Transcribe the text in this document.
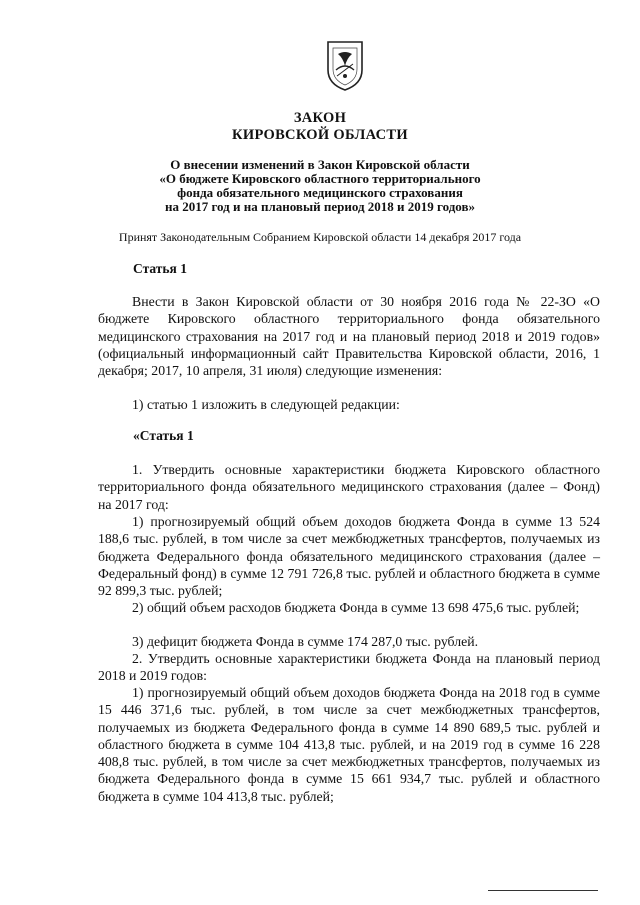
ЗАКОН
КИРОВСКОЙ ОБЛАСТИ
О внесении изменений в Закон Кировской области
«О бюджете Кировского областного территориального
фонда обязательного медицинского страхования
на 2017 год и на плановый период 2018 и 2019 годов»
Принят Законодательным Собранием Кировской области 14 декабря 2017 года
Статья 1

Внести в Закон Кировской области от 30 ноября 2016 года № 22-ЗО «О бюджете Кировского областного территориального фонда обязательного медицинского страхования на 2017 год и на плановый период 2018 и 2019 годов» (официальный информационный сайт Правительства Кировской области, 2016, 1 декабря; 2017, 10 апреля, 31 июля) следующие изменения:

1) статью 1 изложить в следующей редакции:

«Статья 1

1. Утвердить основные характеристики бюджета Кировского областного территориального фонда обязательного медицинского страхования (далее – Фонд) на 2017 год:

1) прогнозируемый общий объем доходов бюджета Фонда в сумме 13 524 188,6 тыс. рублей, в том числе за счет межбюджетных трансфертов, получаемых из бюджета Федерального фонда обязательного медицинского страхования (далее – Федеральный фонд) в сумме 12 791 726,8 тыс. рублей и областного бюджета в сумме 92 899,3 тыс. рублей;

2) общий объем расходов бюджета Фонда в сумме 13 698 475,6 тыс. рублей;

3) дефицит бюджета Фонда в сумме 174 287,0 тыс. рублей.

2. Утвердить основные характеристики бюджета Фонда на плановый период 2018 и 2019 годов:

1) прогнозируемый общий объем доходов бюджета Фонда на 2018 год в сумме 15 446 371,6 тыс. рублей, в том числе за счет межбюджетных трансфертов, получаемых из бюджета Федерального фонда в сумме 14 890 689,5 тыс. рублей и областного бюджета в сумме 104 413,8 тыс. рублей, и на 2019 год в сумме 16 228 408,8 тыс. рублей, в том числе за счет межбюджетных трансфертов, получаемых из бюджета Федерального фонда в сумме 15 661 934,7 тыс. рублей и областного бюджета в сумме 104 413,8 тыс. рублей;
